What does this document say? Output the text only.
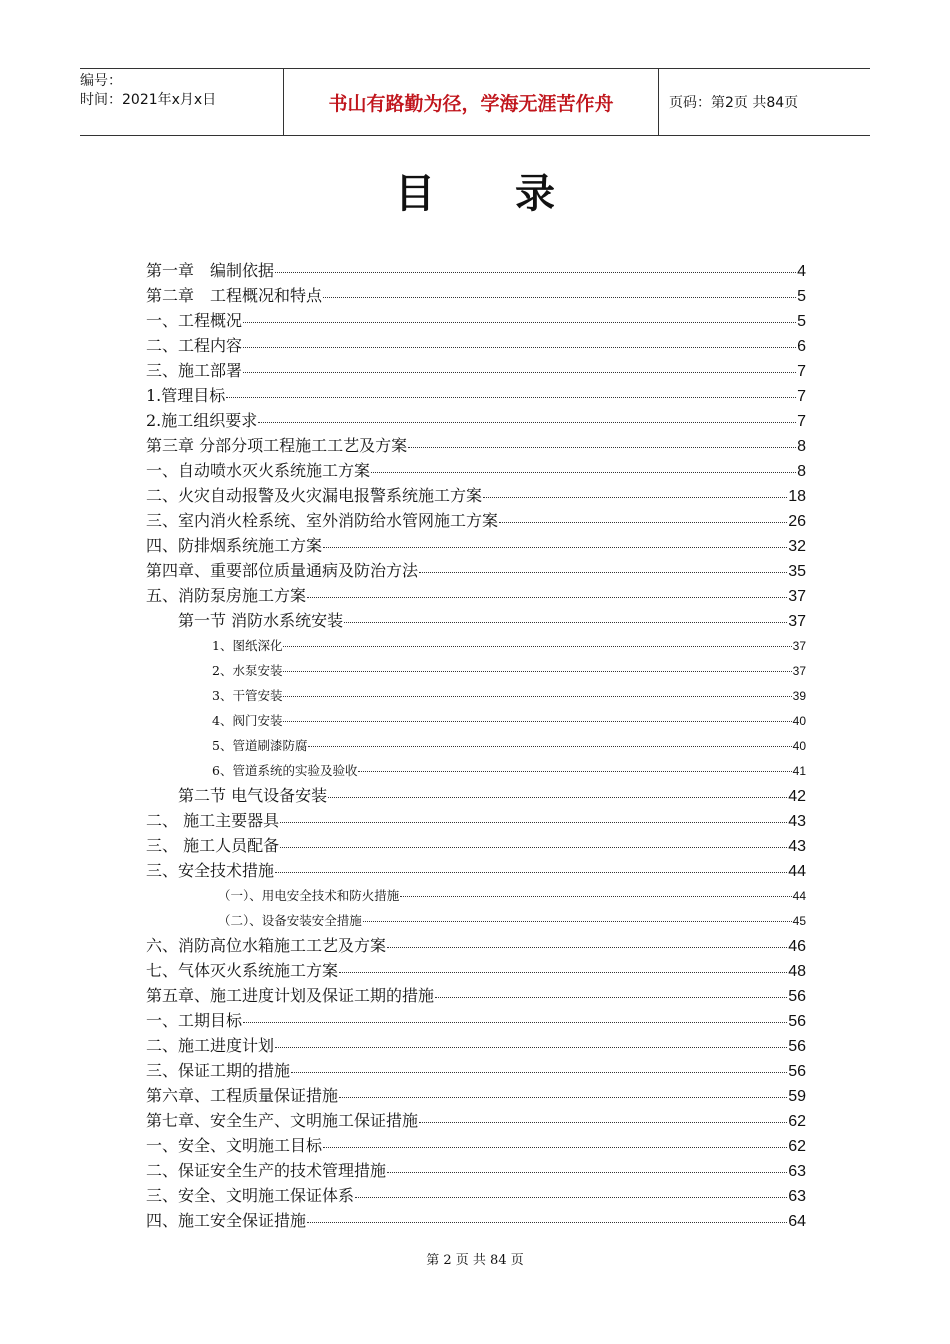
编号：
时间：2021年x月x日	书山有路勤为径，学海无涯苦作舟	页码：第2页 共84页
目录
第一章　编制依据	4
第二章　工程概况和特点	5
一、工程概况	5
二、工程内容	6
三、施工部署	7
1.管理目标	7
2.施工组织要求	7
第三章 分部分项工程施工工艺及方案	8
一、自动喷水灭火系统施工方案	8
二、火灾自动报警及火灾漏电报警系统施工方案	18
三、室内消火栓系统、室外消防给水管网施工方案	26
四、防排烟系统施工方案	32
第四章、重要部位质量通病及防治方法	35
五、消防泵房施工方案	37
第一节 消防水系统安装	37
1、图纸深化	37
2、水泵安装	37
3、干管安装	39
4、阀门安装	40
5、管道刷漆防腐	40
6、管道系统的实验及验收	41
第二节 电气设备安装	42
二、 施工主要器具	43
三、 施工人员配备	43
三、安全技术措施	44
（一）、用电安全技术和防火措施	44
（二）、设备安装安全措施	45
六、消防高位水箱施工工艺及方案	46
七、气体灭火系统施工方案	48
第五章、施工进度计划及保证工期的措施	56
一、工期目标	56
二、施工进度计划	56
三、保证工期的措施	56
第六章、工程质量保证措施	59
第七章、安全生产、文明施工保证措施	62
一、安全、文明施工目标	62
二、保证安全生产的技术管理措施	63
三、安全、文明施工保证体系	63
四、施工安全保证措施	64
第 2 页 共 84 页
